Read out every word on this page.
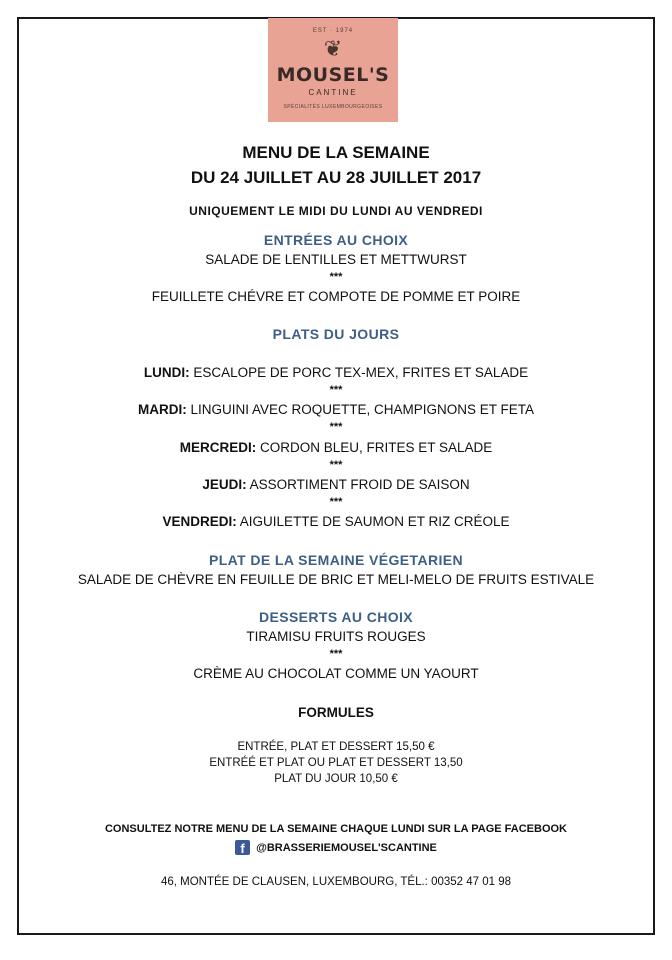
EST · 1974
❦
MOUSEL'S
CANTINE
SPÉCIALITÉS LUXEMBOURGEOISES
MENU DE LA SEMAINE
DU 24 JUILLET AU 28 JUILLET 2017
UNIQUEMENT LE MIDI DU LUNDI AU VENDREDI
ENTRÉES AU CHOIX
SALADE DE LENTILLES ET METTWURST
***
FEUILLETE CHÉVRE ET COMPOTE DE POMME ET POIRE
PLATS DU JOURS
LUNDI: ESCALOPE DE PORC TEX-MEX, FRITES ET SALADE
***
MARDI: LINGUINI AVEC ROQUETTE, CHAMPIGNONS ET FETA
***
MERCREDI: CORDON BLEU, FRITES ET SALADE
***
JEUDI: ASSORTIMENT FROID DE SAISON
***
VENDREDI: AIGUILETTE DE SAUMON ET RIZ CRÉOLE
PLAT DE LA SEMAINE VÉGETARIEN
SALADE DE CHÈVRE EN FEUILLE DE BRIC ET MELI-MELO DE FRUITS ESTIVALE
DESSERTS AU CHOIX
TIRAMISU FRUITS ROUGES
***
CRÈME AU CHOCOLAT COMME UN YAOURT
FORMULES
ENTRÉE, PLAT ET DESSERT 15,50 €
ENTRÉÉ ET PLAT OU PLAT ET DESSERT 13,50
PLAT DU JOUR 10,50 €
CONSULTEZ NOTRE MENU DE LA SEMAINE CHAQUE LUNDI SUR LA PAGE FACEBOOK
f @BRASSERIEMOUSEL'SCANTINE
46, MONTÉE DE CLAUSEN, LUXEMBOURG, TÉL.: 00352 47 01 98
